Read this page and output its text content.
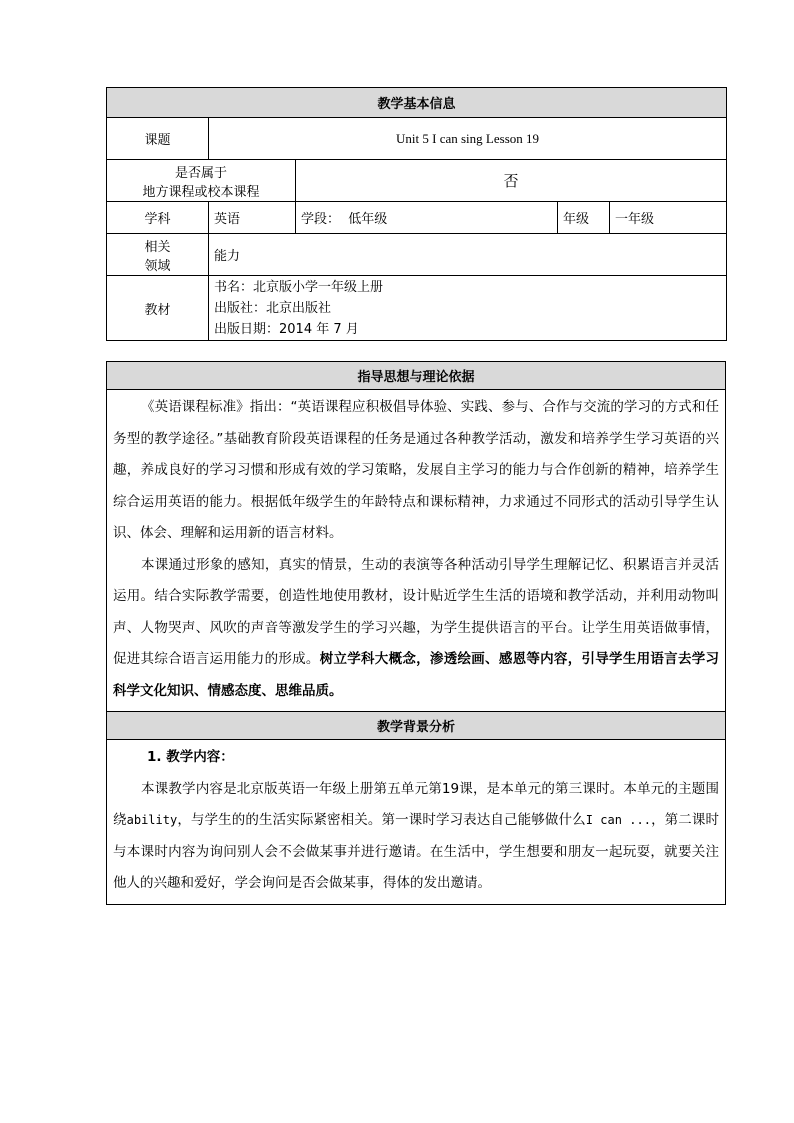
教学基本信息				
课题	Unit 5 I can sing Lesson 19			

是否属于
地方课程或校本课程		否		
学科	英语	学段： 低年级	年级	一年级

相关
领域	能力			
教材	书名：北京版小学一年级上册
出版社：北京出版社
出版日期：2014 年 7 月			
指导思想与理论依据

《英语课程标准》指出：“英语课程应积极倡导体验、实践、参与、合作与交流的学习的方式和任务型的教学途径。”基础教育阶段英语课程的任务是通过各种教学活动，激发和培养学生学习英语的兴趣，养成良好的学习习惯和形成有效的学习策略，发展自主学习的能力与合作创新的精神，培养学生综合运用英语的能力。根据低年级学生的年龄特点和课标精神，力求通过不同形式的活动引导学生认识、体会、理解和运用新的语言材料。

本课通过形象的感知，真实的情景，生动的表演等各种活动引导学生理解记忆、积累语言并灵活运用。结合实际教学需要，创造性地使用教材，设计贴近学生生活的语境和教学活动，并利用动物叫声、人物哭声、风吹的声音等激发学生的学习兴趣，为学生提供语言的平台。让学生用英语做事情，促进其综合语言运用能力的形成。树立学科大概念，渗透绘画、感恩等内容，引导学生用语言去学习科学文化知识、情感态度、思维品质。

教学背景分析

1. 教学内容：

本课教学内容是北京版英语一年级上册第五单元第19课，是本单元的第三课时。本单元的主题围绕ability，与学生的的生活实际紧密相关。第一课时学习表达自己能够做什么I can ...，第二课时与本课时内容为询问别人会不会做某事并进行邀请。在生活中，学生想要和朋友一起玩耍，就要关注他人的兴趣和爱好，学会询问是否会做某事，得体的发出邀请。
